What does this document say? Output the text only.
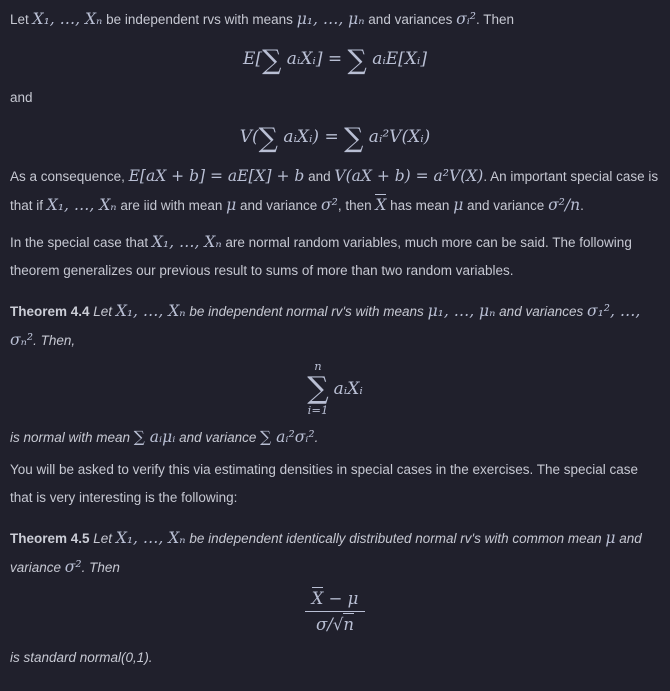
Let X₁, …, Xₙ be independent rvs with means μ₁, …, μₙ and variances σᵢ². Then

E[∑ aᵢXᵢ] = ∑ aᵢE[Xᵢ]

and

V(∑ aᵢXᵢ) = ∑ aᵢ²V(Xᵢ)

As a consequence, E[aX + b] = aE[X] + b and V(aX + b) = a²V(X). An important special case is that if X₁, …, Xₙ are iid with mean μ and variance σ², then X has mean μ and variance σ²/n.

In the special case that X₁, …, Xₙ are normal random variables, much more can be said. The following theorem generalizes our previous result to sums of more than two random variables.

Theorem 4.4 Let X₁, …, Xₙ be independent normal rv's with means μ₁, …, μₙ and variances σ₁², …, σₙ². Then,

n
∑
i=1
aᵢXᵢ

is normal with mean ∑ aᵢμᵢ and variance ∑ aᵢ²σᵢ².

You will be asked to verify this via estimating densities in special cases in the exercises. The special case that is very interesting is the following:

Theorem 4.5 Let X₁, …, Xₙ be independent identically distributed normal rv's with common mean μ and variance σ². Then

$\frac{X - \mu}{\sigma/√n}$

is standard normal(0,1).
